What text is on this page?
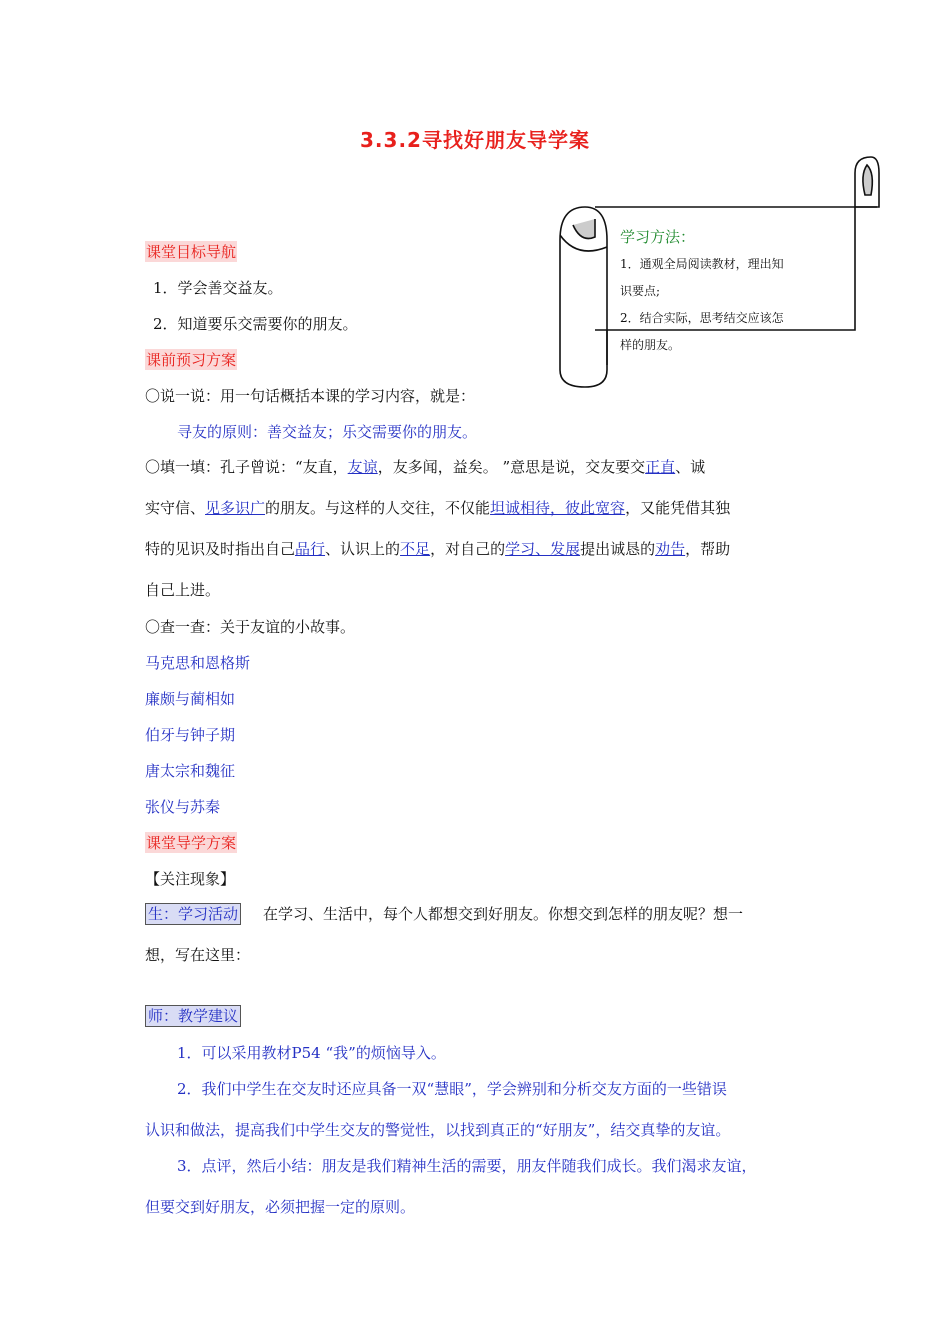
3.3.2寻找好朋友导学案
学习方法：
1．通观全局阅读教材，理出知
识要点;
2．结合实际，思考结交应该怎
样的朋友。
课堂目标导航
1．学会善交益友。
2．知道要乐交需要你的朋友。
课前预习方案
〇说一说：用一句话概括本课的学习内容，就是：
寻友的原则：善交益友；乐交需要你的朋友。
〇填一填：孔子曾说：“友直，友谅，友多闻，益矣。 ”意思是说，交友要交正直、诚
实守信、见多识广的朋友。与这样的人交往，不仅能坦诚相待，彼此宽容，又能凭借其独
特的见识及时指出自己品行、认识上的不足，对自己的学习、发展提出诚恳的劝告，帮助
自己上进。
〇查一查：关于友谊的小故事。
马克思和恩格斯
廉颇与蔺相如
伯牙与钟子期
唐太宗和魏征
张仪与苏秦
课堂导学方案
【关注现象】
生：学习活动 在学习、生活中，每个人都想交到好朋友。你想交到怎样的朋友呢？想一
想，写在这里：
师：教学建议
1．可以采用教材P54 “我”的烦恼导入。
2．我们中学生在交友时还应具备一双“慧眼”，学会辨别和分析交友方面的一些错误
认识和做法，提高我们中学生交友的警觉性，以找到真正的“好朋友”，结交真挚的友谊。
3．点评，然后小结：朋友是我们精神生活的需要，朋友伴随我们成长。我们渴求友谊，
但要交到好朋友，必须把握一定的原则。
